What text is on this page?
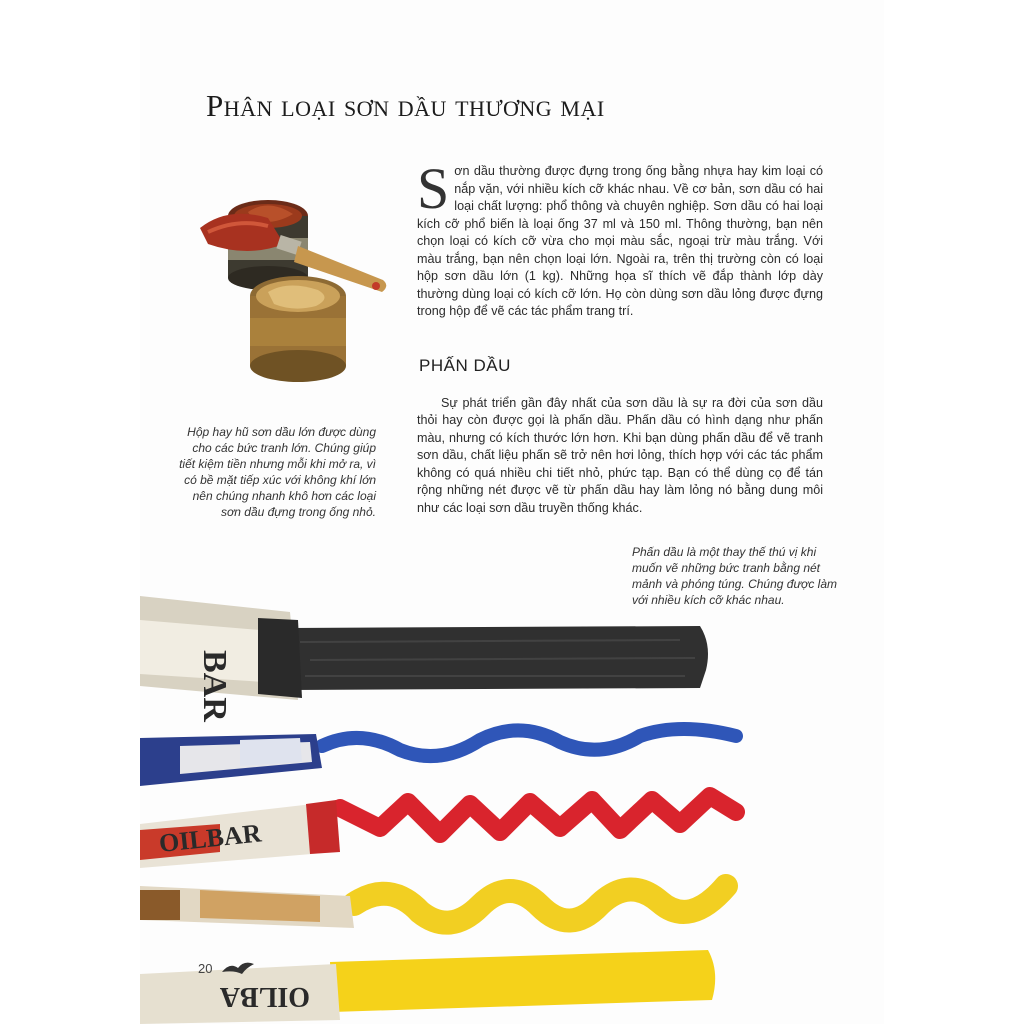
Phân loại sơn dầu thương mại

Hộp hay hũ sơn dầu lớn được dùng cho các bức tranh lớn. Chúng giúp tiết kiệm tiền nhưng mỗi khi mở ra, vì có bề mặt tiếp xúc với không khí lớn nên chúng nhanh khô hơn các loại sơn dầu đựng trong ống nhỏ.

Sơn dầu thường được đựng trong ống bằng nhựa hay kim loại có nắp vặn, với nhiều kích cỡ khác nhau. Về cơ bản, sơn dầu có hai loại chất lượng: phổ thông và chuyên nghiệp. Sơn dầu có hai loại kích cỡ phổ biến là loại ống 37 ml và 150 ml. Thông thường, bạn nên chọn loại có kích cỡ vừa cho mọi màu sắc, ngoại trừ màu trắng. Với màu trắng, bạn nên chọn loại lớn. Ngoài ra, trên thị trường còn có loại hộp sơn dầu lớn (1 kg). Những họa sĩ thích vẽ đắp thành lớp dày thường dùng loại có kích cỡ lớn. Họ còn dùng sơn dầu lỏng được đựng trong hộp để vẽ các tác phẩm trang trí.
PHẤN DẦU

Sự phát triển gần đây nhất của sơn dầu là sự ra đời của sơn dầu thỏi hay còn được gọi là phấn dầu. Phấn dầu có hình dạng như phấn màu, nhưng có kích thước lớn hơn. Khi bạn dùng phấn dầu để vẽ tranh sơn dầu, chất liệu phấn sẽ trở nên hơi lỏng, thích hợp với các tác phẩm không có quá nhiều chi tiết nhỏ, phức tạp. Bạn có thể dùng cọ để tán rộng những nét được vẽ từ phấn dầu hay làm lỏng nó bằng dung môi như các loại sơn dầu truyền thống khác.

Phấn dầu là một thay thế thú vị khi muốn vẽ những bức tranh bằng nét mảnh và phóng túng. Chúng được làm với nhiều kích cỡ khác nhau.

BAR
OILBAR
OILBA
20
